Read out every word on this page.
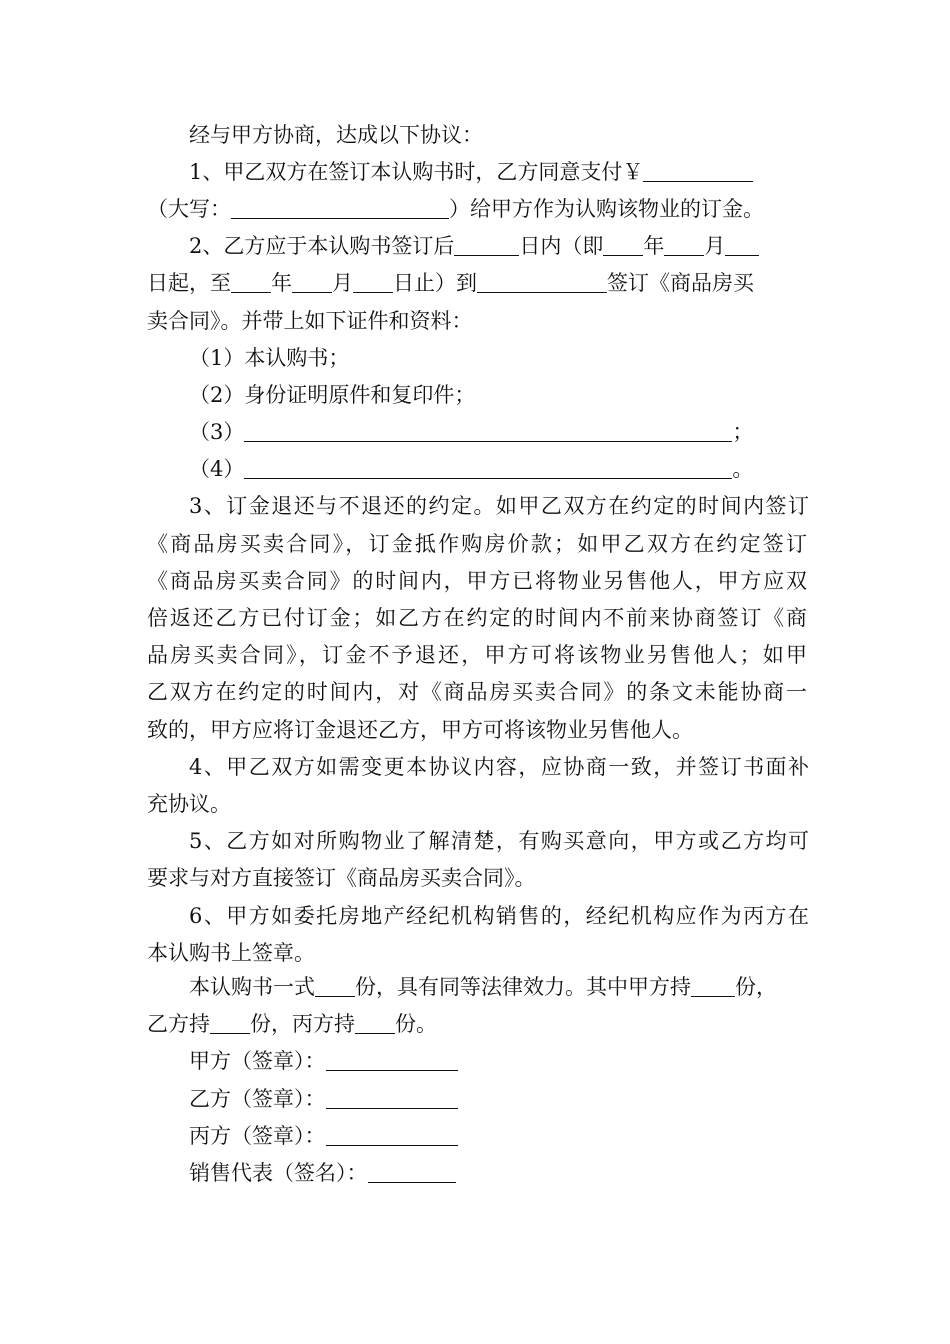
经与甲方协商，达成以下协议：
1、甲乙双方在签订本认购书时，乙方同意支付￥
（大写：	）给甲方作为认购该物业的订金。
2、乙方应于本认购书签订后	日内（即 年 月
日起，至 年 月 日止）到	签订《商品房买
卖合同》。并带上如下证件和资料：
（1）本认购书；
（2）身份证明原件和复印件；
（3）	；
（4）	。
3、订金退还与不退还的约定。如甲乙双方在约定的时间内签订
《商品房买卖合同》，订金抵作购房价款；如甲乙双方在约定签订
《商品房买卖合同》的时间内，甲方已将物业另售他人，甲方应双
倍返还乙方已付订金；如乙方在约定的时间内不前来协商签订《商
品房买卖合同》，订金不予退还，甲方可将该物业另售他人；如甲
乙双方在约定的时间内，对《商品房买卖合同》的条文未能协商一
致的，甲方应将订金退还乙方，甲方可将该物业另售他人。
4、甲乙双方如需变更本协议内容，应协商一致，并签订书面补
充协议。
5、乙方如对所购物业了解清楚，有购买意向，甲方或乙方均可
要求与对方直接签订《商品房买卖合同》。
6、甲方如委托房地产经纪机构销售的，经纪机构应作为丙方在
本认购书上签章。
本认购书一式 份，具有同等法律效力。其中甲方持 份，
乙方持 份，丙方持 份。
甲方（签章）：
乙方（签章）：
丙方（签章）：
销售代表（签名）：
